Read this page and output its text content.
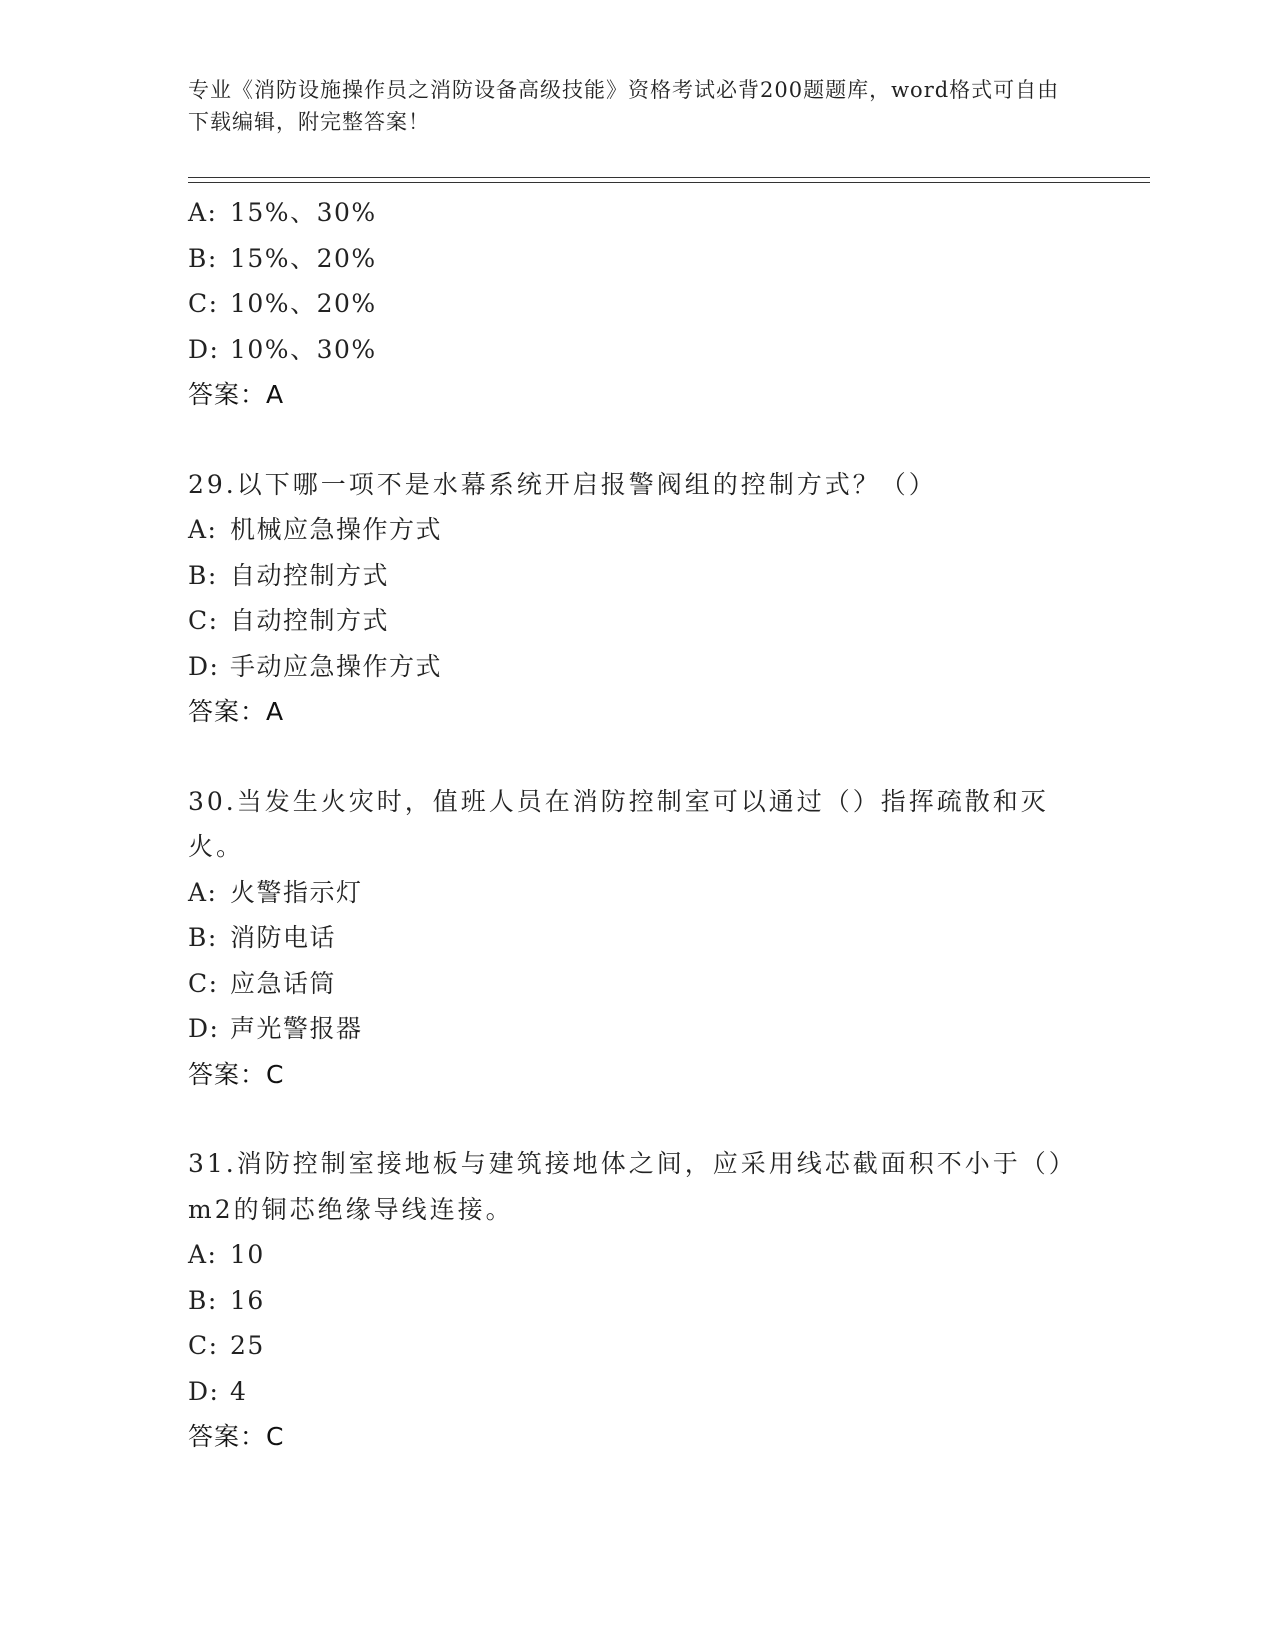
专业《消防设施操作员之消防设备高级技能》资格考试必背200题题库，word格式可自由下载编辑，附完整答案！
A: 15%、30%
B: 15%、20%
C: 10%、20%
D: 10%、30%
答案：A
29.以下哪一项不是水幕系统开启报警阀组的控制方式？（）
A: 机械应急操作方式
B: 自动控制方式
C: 自动控制方式
D: 手动应急操作方式
答案：A
30.当发生火灾时，值班人员在消防控制室可以通过（）指挥疏散和灭火。
A: 火警指示灯
B: 消防电话
C: 应急话筒
D: 声光警报器
答案：C
31.消防控制室接地板与建筑接地体之间，应采用线芯截面积不小于（）m2的铜芯绝缘导线连接。
A: 10
B: 16
C: 25
D: 4
答案：C
